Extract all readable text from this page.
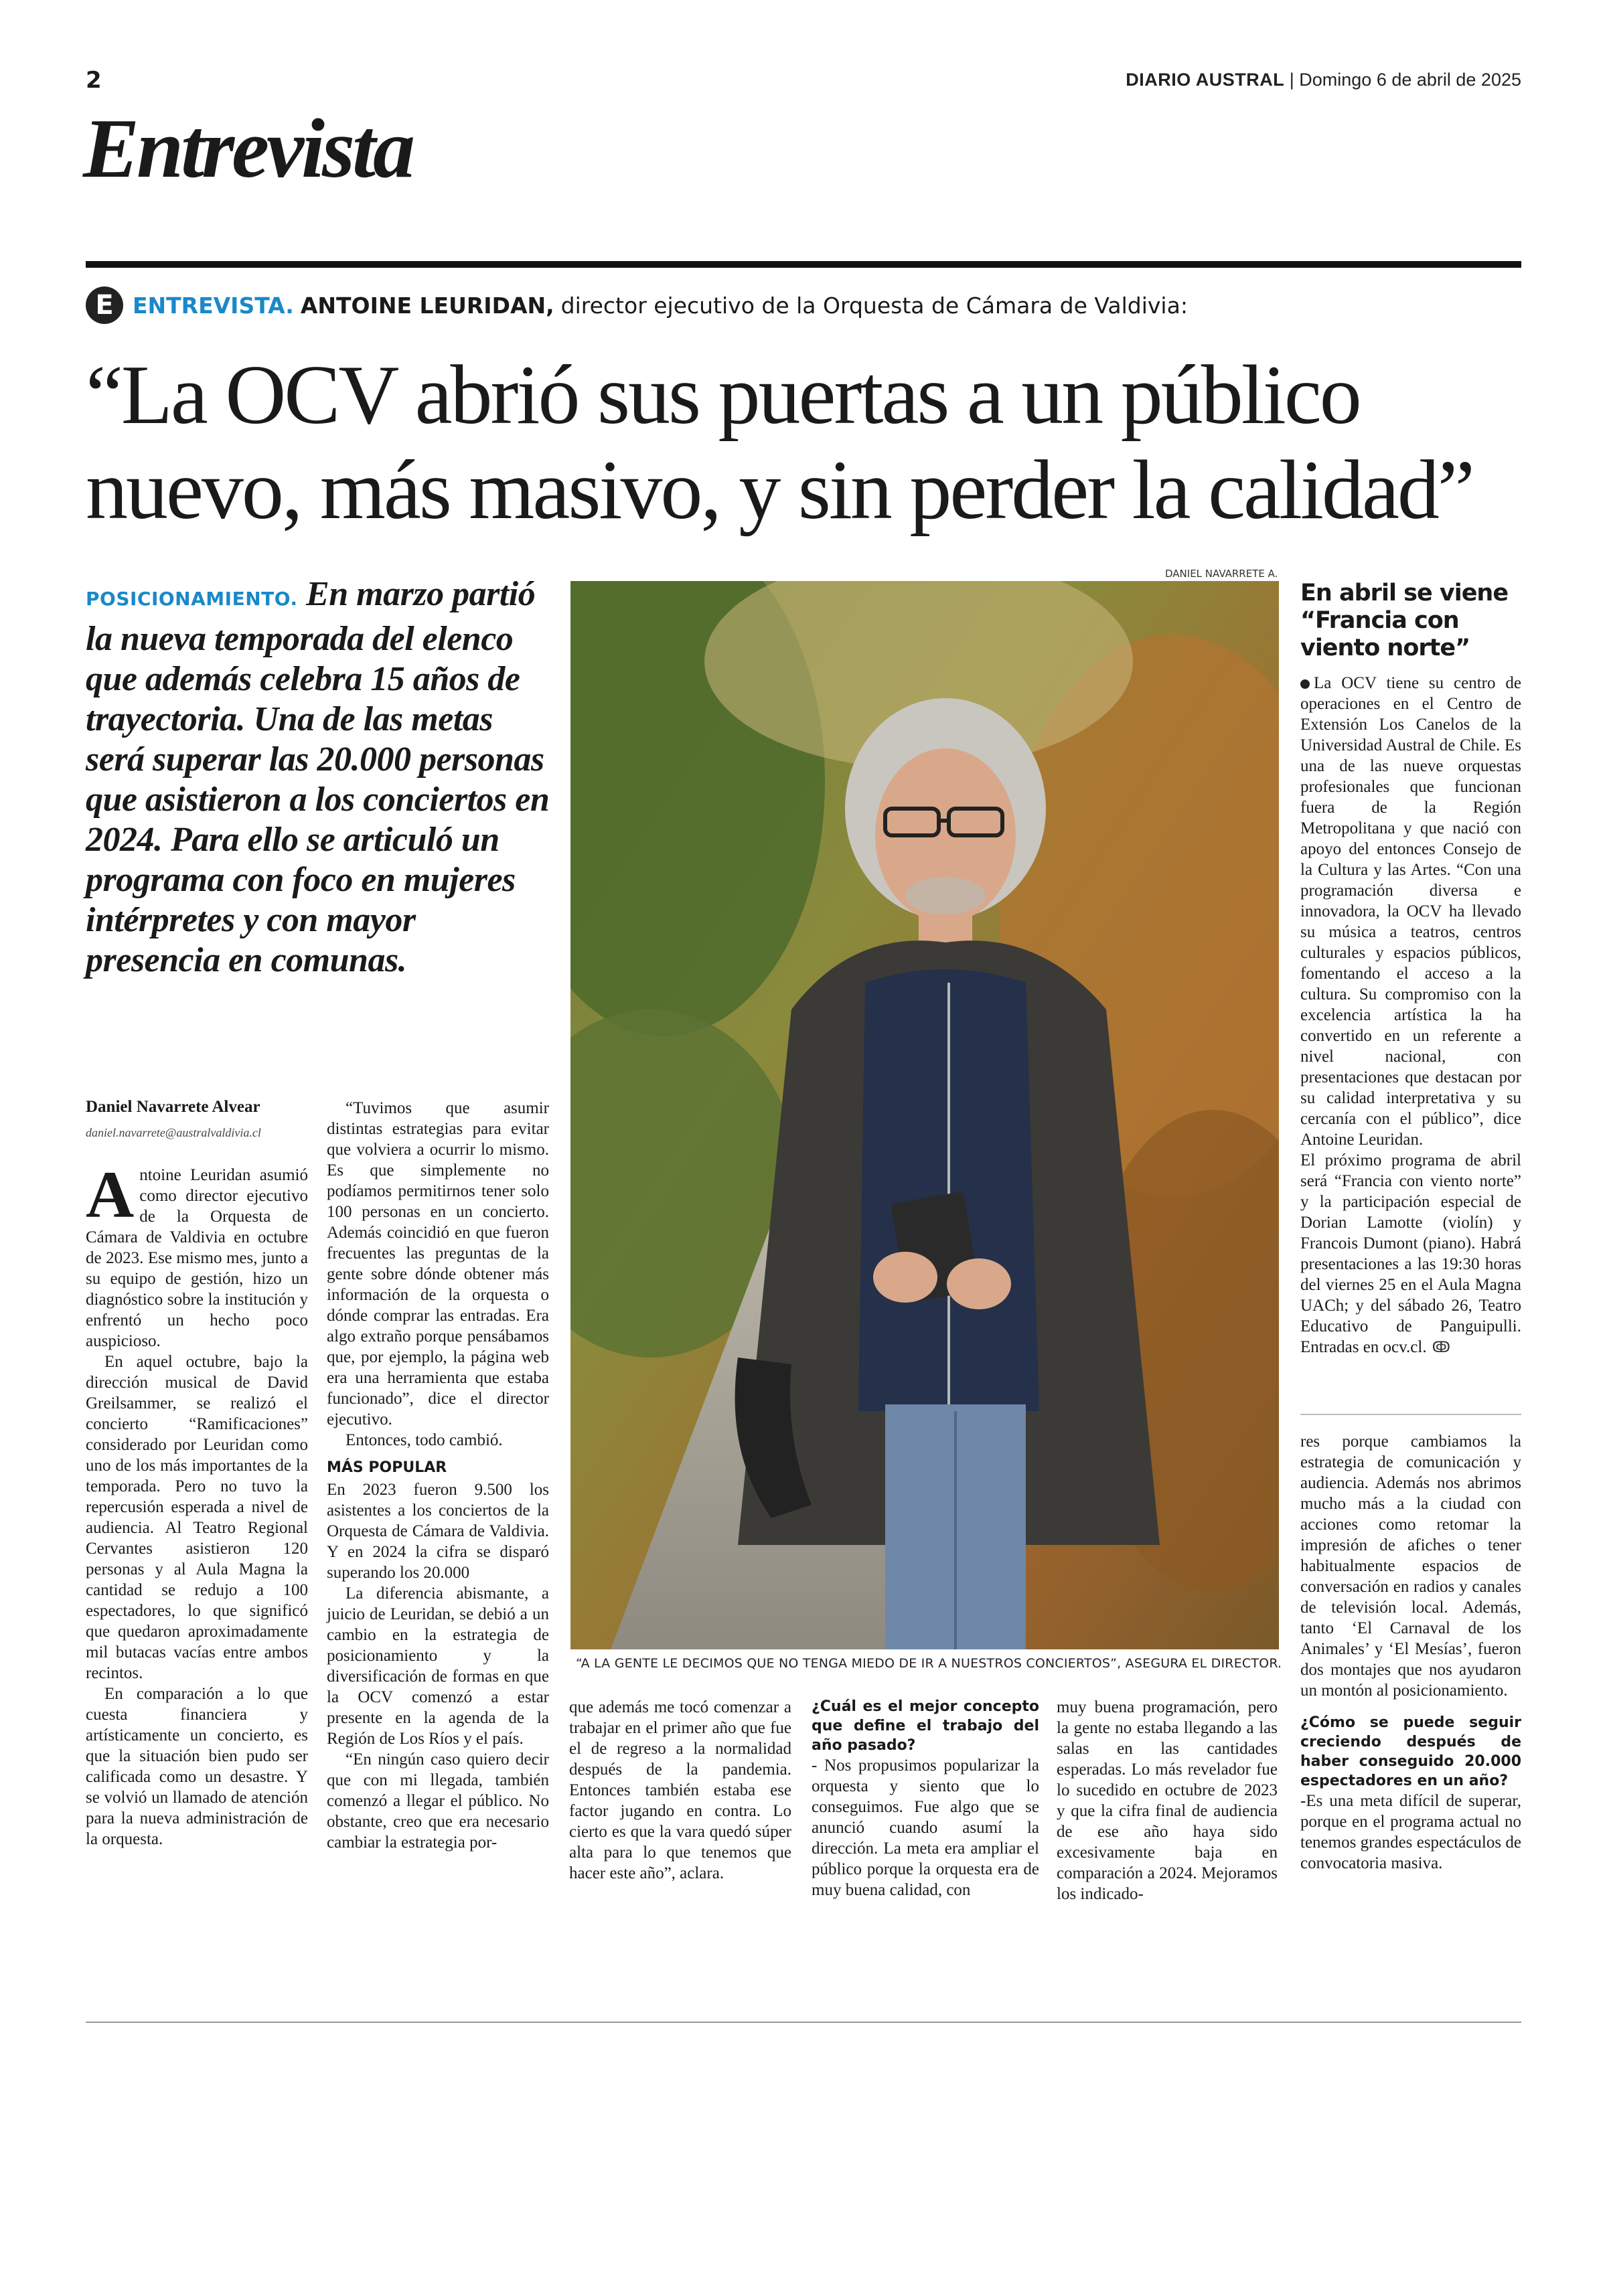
2	DIARIO AUSTRAL | Domingo 6 de abril de 2025
Entrevista
E ENTREVISTA. ANTOINE LEURIDAN, director ejecutivo de la Orquesta de Cámara de Valdivia:
“La OCV abrió sus puertas a un público
nuevo, más masivo, y sin perder la calidad”
POSICIONAMIENTO. En marzo partió la nueva temporada del elenco que además celebra 15 años de trayectoria. Una de las metas será superar las 20.000 personas que asistieron a los conciertos en 2024. Para ello se articuló un programa con foco en mujeres intérpretes y con mayor presencia en comunas.
Daniel Navarrete Alvear
daniel.navarrete@australvaldivia.cl
A ntoine Leuridan asumió como director ejecutivo de la Orquesta de Cámara de Valdivia en octubre de 2023. Ese mismo mes, junto a su equipo de gestión, hizo un diagnóstico sobre la institución y enfrentó un hecho poco auspicioso.

En aquel octubre, bajo la dirección musical de David Greilsammer, se realizó el concierto “Ramificaciones” considerado por Leuridan como uno de los más importantes de la temporada. Pero no tuvo la repercusión esperada a nivel de audiencia. Al Teatro Regional Cervantes asistieron 120 personas y al Aula Magna la cantidad se redujo a 100 espectadores, lo que significó que quedaron aproximadamente mil butacas vacías entre ambos recintos.

En comparación a lo que cuesta financiera y artísticamente un concierto, es que la situación bien pudo ser calificada como un desastre. Y se volvió un llamado de atención para la nueva administración de la orquesta.

“Tuvimos que asumir distintas estrategias para evitar que volviera a ocurrir lo mismo. Es que simplemente no podíamos permitirnos tener solo 100 personas en un concierto. Además coincidió en que fueron frecuentes las preguntas de la gente sobre dónde obtener más información de la orquesta o dónde comprar las entradas. Era algo extraño porque pensábamos que, por ejemplo, la página web era una herramienta que estaba funcionado”, dice el director ejecutivo.

Entonces, todo cambió.

MÁS POPULAR

En 2023 fueron 9.500 los asistentes a los conciertos de la Orquesta de Cámara de Valdivia. Y en 2024 la cifra se disparó superando los 20.000

La diferencia abismante, a juicio de Leuridan, se debió a un cambio en la estrategia de posicionamiento y la diversificación de formas en que la OCV comenzó a estar presente en la agenda de la Región de Los Ríos y el país.

“En ningún caso quiero decir que con mi llegada, también comenzó a llegar el público. No obstante, creo que era necesario cambiar la estrategia por-

DANIEL NAVARRETE A.
“A LA GENTE LE DECIMOS QUE NO TENGA MIEDO DE IR A NUESTROS CONCIERTOS”, ASEGURA EL DIRECTOR.

que además me tocó comenzar a trabajar en el primer año que fue el de regreso a la normalidad después de la pandemia. Entonces también estaba ese factor jugando en contra. Lo cierto es que la vara quedó súper alta para lo que tenemos que hacer este año”, aclara.

¿Cuál es el mejor concepto que define el trabajo del año pasado?

- Nos propusimos popularizar la orquesta y siento que lo conseguimos. Fue algo que se anunció cuando asumí la dirección. La meta era ampliar el público porque la orquesta era de muy buena calidad, con

muy buena programación, pero la gente no estaba llegando a las salas en las cantidades esperadas. Lo más revelador fue lo sucedido en octubre de 2023 y que la cifra final de audiencia de ese año haya sido excesivamente baja en comparación a 2024. Mejoramos los indicado-

En abril se viene “Francia con viento norte”

La OCV tiene su centro de operaciones en el Centro de Extensión Los Canelos de la Universidad Austral de Chile. Es una de las nueve orquestas profesionales que funcionan fuera de la Región Metropolitana y que nació con apoyo del entonces Consejo de la Cultura y las Artes. “Con una programación diversa e innovadora, la OCV ha llevado su música a teatros, centros culturales y espacios públicos, fomentando el acceso a la cultura. Su compromiso con la excelencia artística la ha convertido en un referente a nivel nacional, con presentaciones que destacan por su calidad interpretativa y su cercanía con el público”, dice Antoine Leuridan.

El próximo programa de abril será “Francia con viento norte” y la participación especial de Dorian Lamotte (violín) y Francois Dumont (piano). Habrá presentaciones a las 19:30 horas del viernes 25 en el Aula Magna UACh; y del sábado 26, Teatro Educativo de Panguipulli. Entradas en ocv.cl. ↂ

res porque cambiamos la estrategia de comunicación y audiencia. Además nos abrimos mucho más a la ciudad con acciones como retomar la impresión de afiches o tener habitualmente espacios de conversación en radios y canales de televisión local. Además, tanto ‘El Carnaval de los Animales’ y ‘El Mesías’, fueron dos montajes que nos ayudaron un montón al posicionamiento.

¿Cómo se puede seguir creciendo después de haber conseguido 20.000 espectadores en un año?

-Es una meta difícil de superar, porque en el programa actual no tenemos grandes espectáculos de convocatoria masiva.
